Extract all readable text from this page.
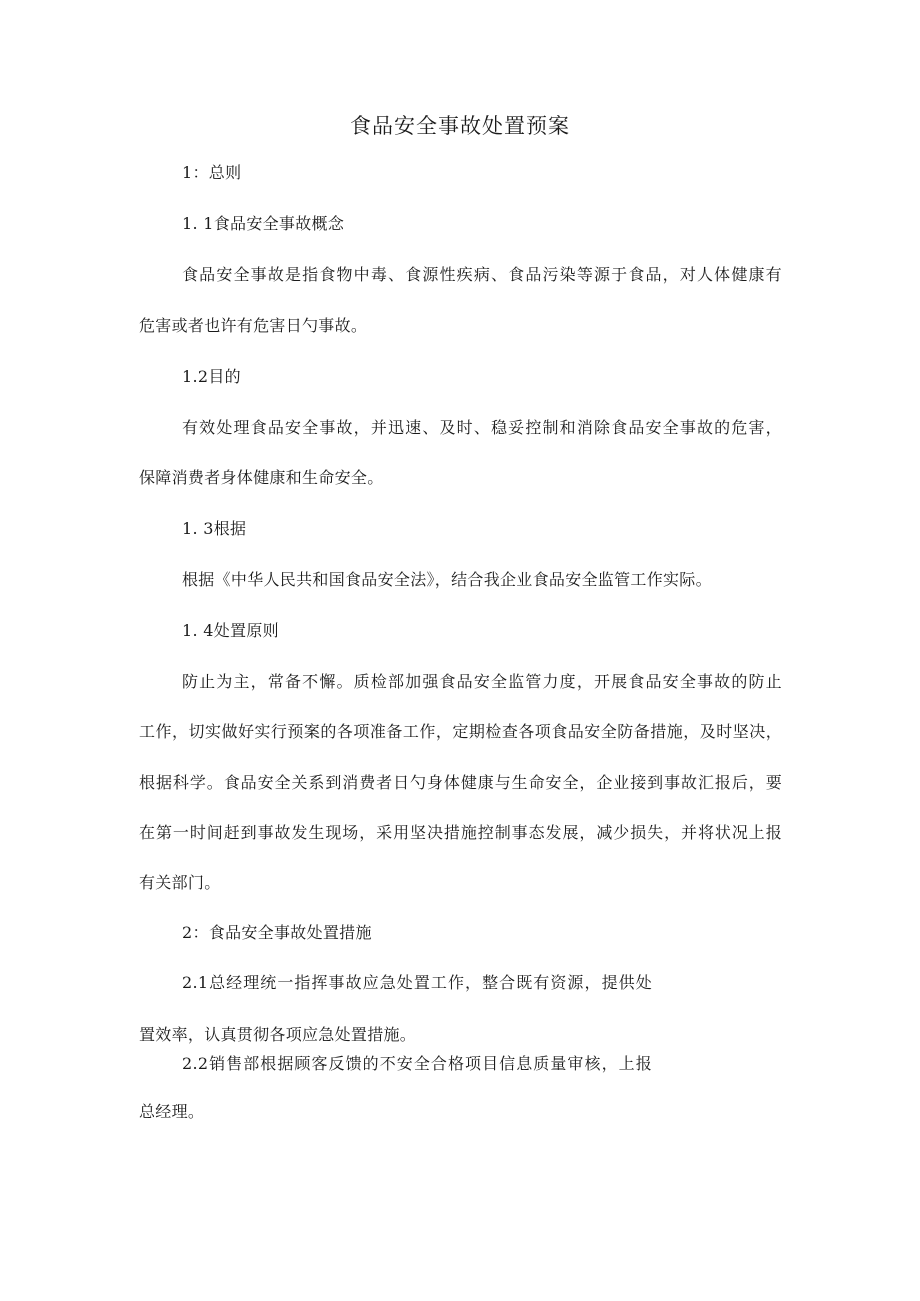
食品安全事故处置预案
1：总则
1. 1食品安全事故概念
食品安全事故是指食物中毒、食源性疾病、食品污染等源于食品，对人体健康有
危害或者也许有危害日勺事故。
1.2目的
有效处理食品安全事故，并迅速、及时、稳妥控制和消除食品安全事故的危害，
保障消费者身体健康和生命安全。
1. 3根据
根据《中华人民共和国食品安全法》，结合我企业食品安全监管工作实际。
1. 4处置原则
防止为主，常备不懈。质检部加强食品安全监管力度，开展食品安全事故的防止
工作，切实做好实行预案的各项准备工作，定期检查各项食品安全防备措施，及时坚决，
根据科学。食品安全关系到消费者日勺身体健康与生命安全，企业接到事故汇报后，要
在第一时间赶到事故发生现场，采用坚决措施控制事态发展，减少损失，并将状况上报
有关部门。
2：食品安全事故处置措施
2.1总经理统一指挥事故应急处置工作，整合既有资源，提供处
置效率，认真贯彻各项应急处置措施。
2.2销售部根据顾客反馈的不安全合格项目信息质量审核，上报
总经理。
